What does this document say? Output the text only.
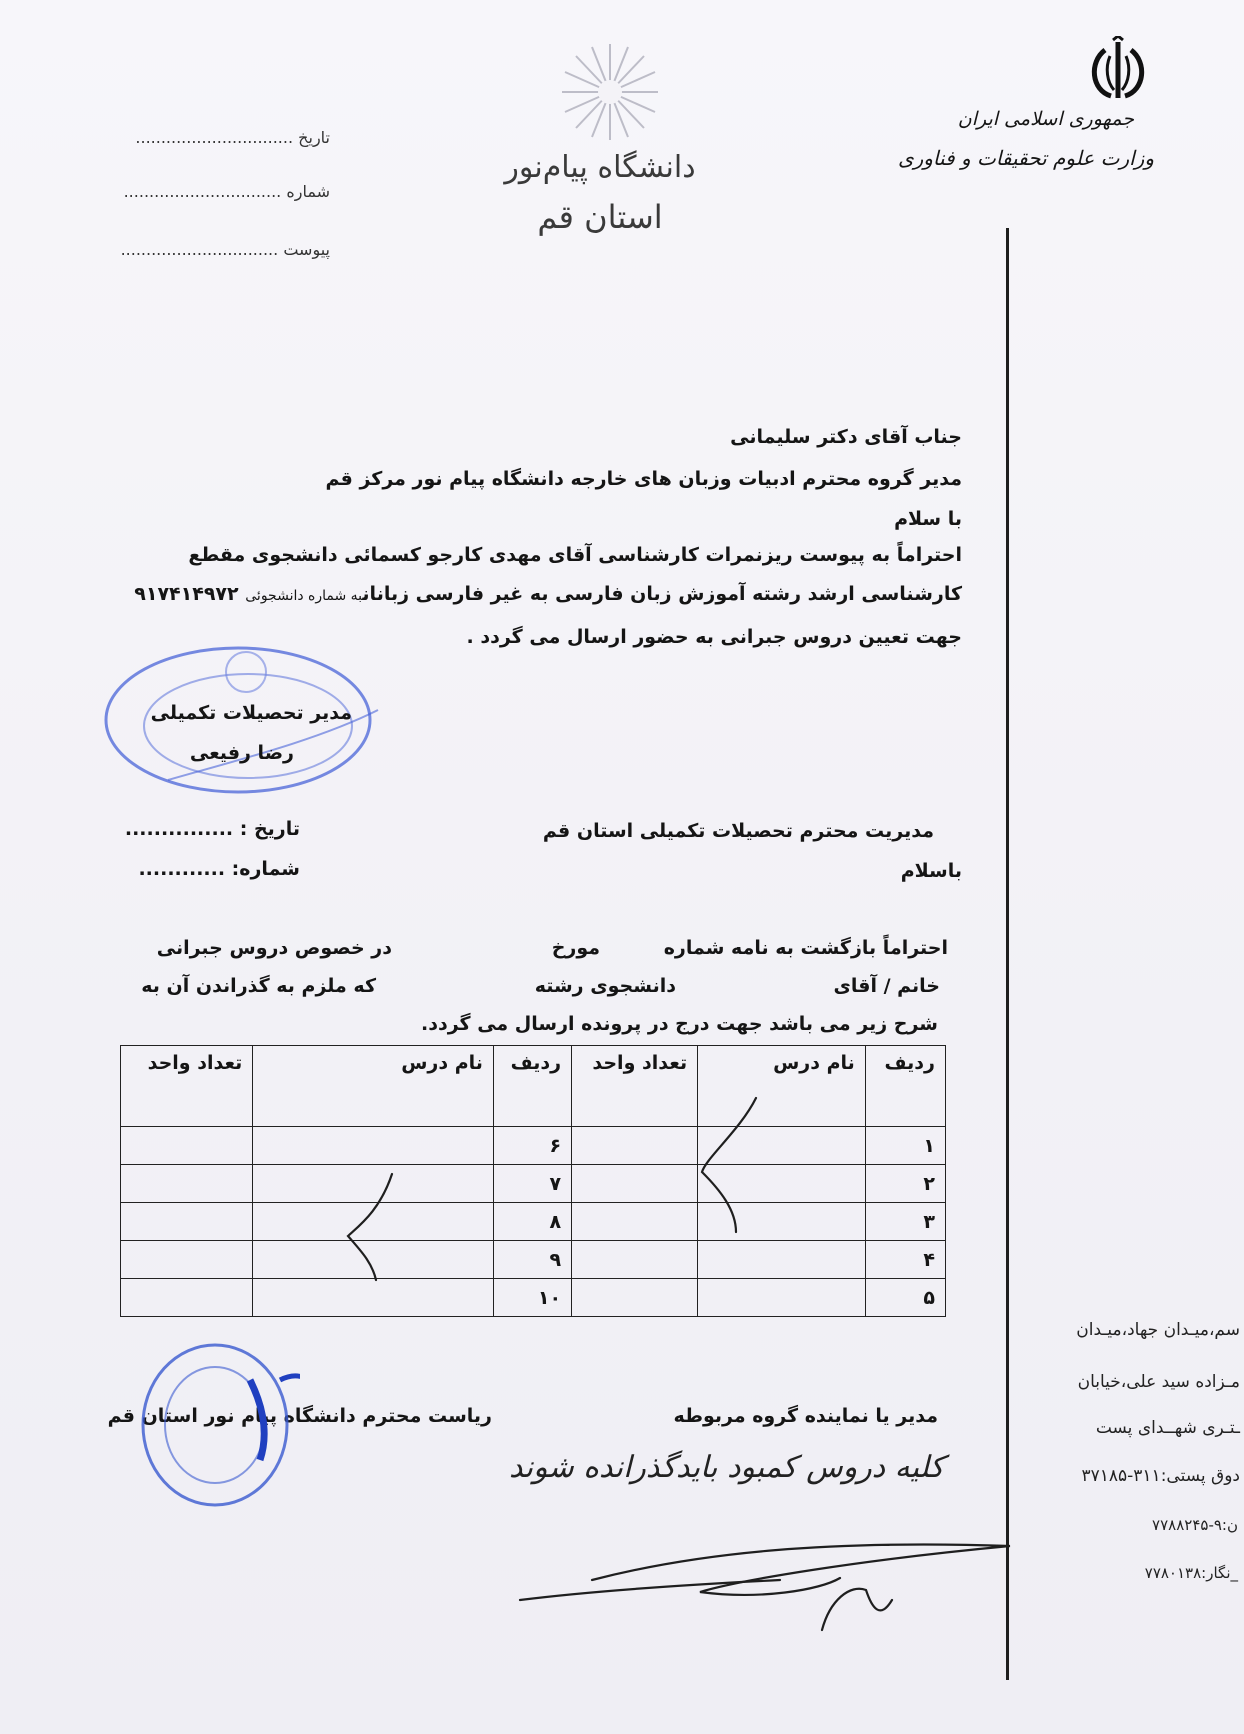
جمهوری اسلامی ایران
وزارت علوم تحقیقات و فناوری
دانشگاه پیام‌نور
استان قم
تاریخ ...............................
شماره ...............................
پیوست ...............................
جناب آقای دکتر سلیمانی
مدیر گروه محترم ادبیات وزبان های خارجه دانشگاه پیام نور مرکز قم
با سلام
احتراماً به پیوست ریزنمرات کارشناسی آقای مهدی کارجو کسمائی دانشجوی مقطع
کارشناسی ارشد رشته آموزش زبان فارسی به غیر فارسی زبانانبه شماره دانشجوئی ۹۱۷۴۱۴۹۷۲
جهت تعیین دروس جبرانی به حضور ارسال می گردد .
مدیر تحصیلات تکمیلی
رضا رفیعی
مدیریت محترم تحصیلات تکمیلی استان قم
باسلام
تاریخ : ...............
شماره: ............
احتراماً بازگشت به نامه شماره
مورخ
در خصوص دروس جبرانی
خانم / آقای
دانشجوی رشته
که ملزم به گذراندن آن به
شرح زیر می باشد جهت درج در پرونده ارسال می گردد.
ردیف	نام درس	تعداد واحد	ردیف	نام درس	تعداد واحد
۱			۶		
۲			۷		
۳			۸		
۴			۹		
۵			۱۰		
مدیر یا نماینده گروه مربوطه
ریاست محترم دانشگاه پیام نور استان قم
کلیه دروس کمبود بایدگذرانده شوند
سم،میـدان جهاد،میـدان
مـزاده سید علی،خیابان
ـتـری شهــدای پست
دوق پستی:۳۱۱-۳۷۱۸۵
ن:۹-۷۷۸۸۲۴۵
_نگار:۷۷۸۰۱۳۸
